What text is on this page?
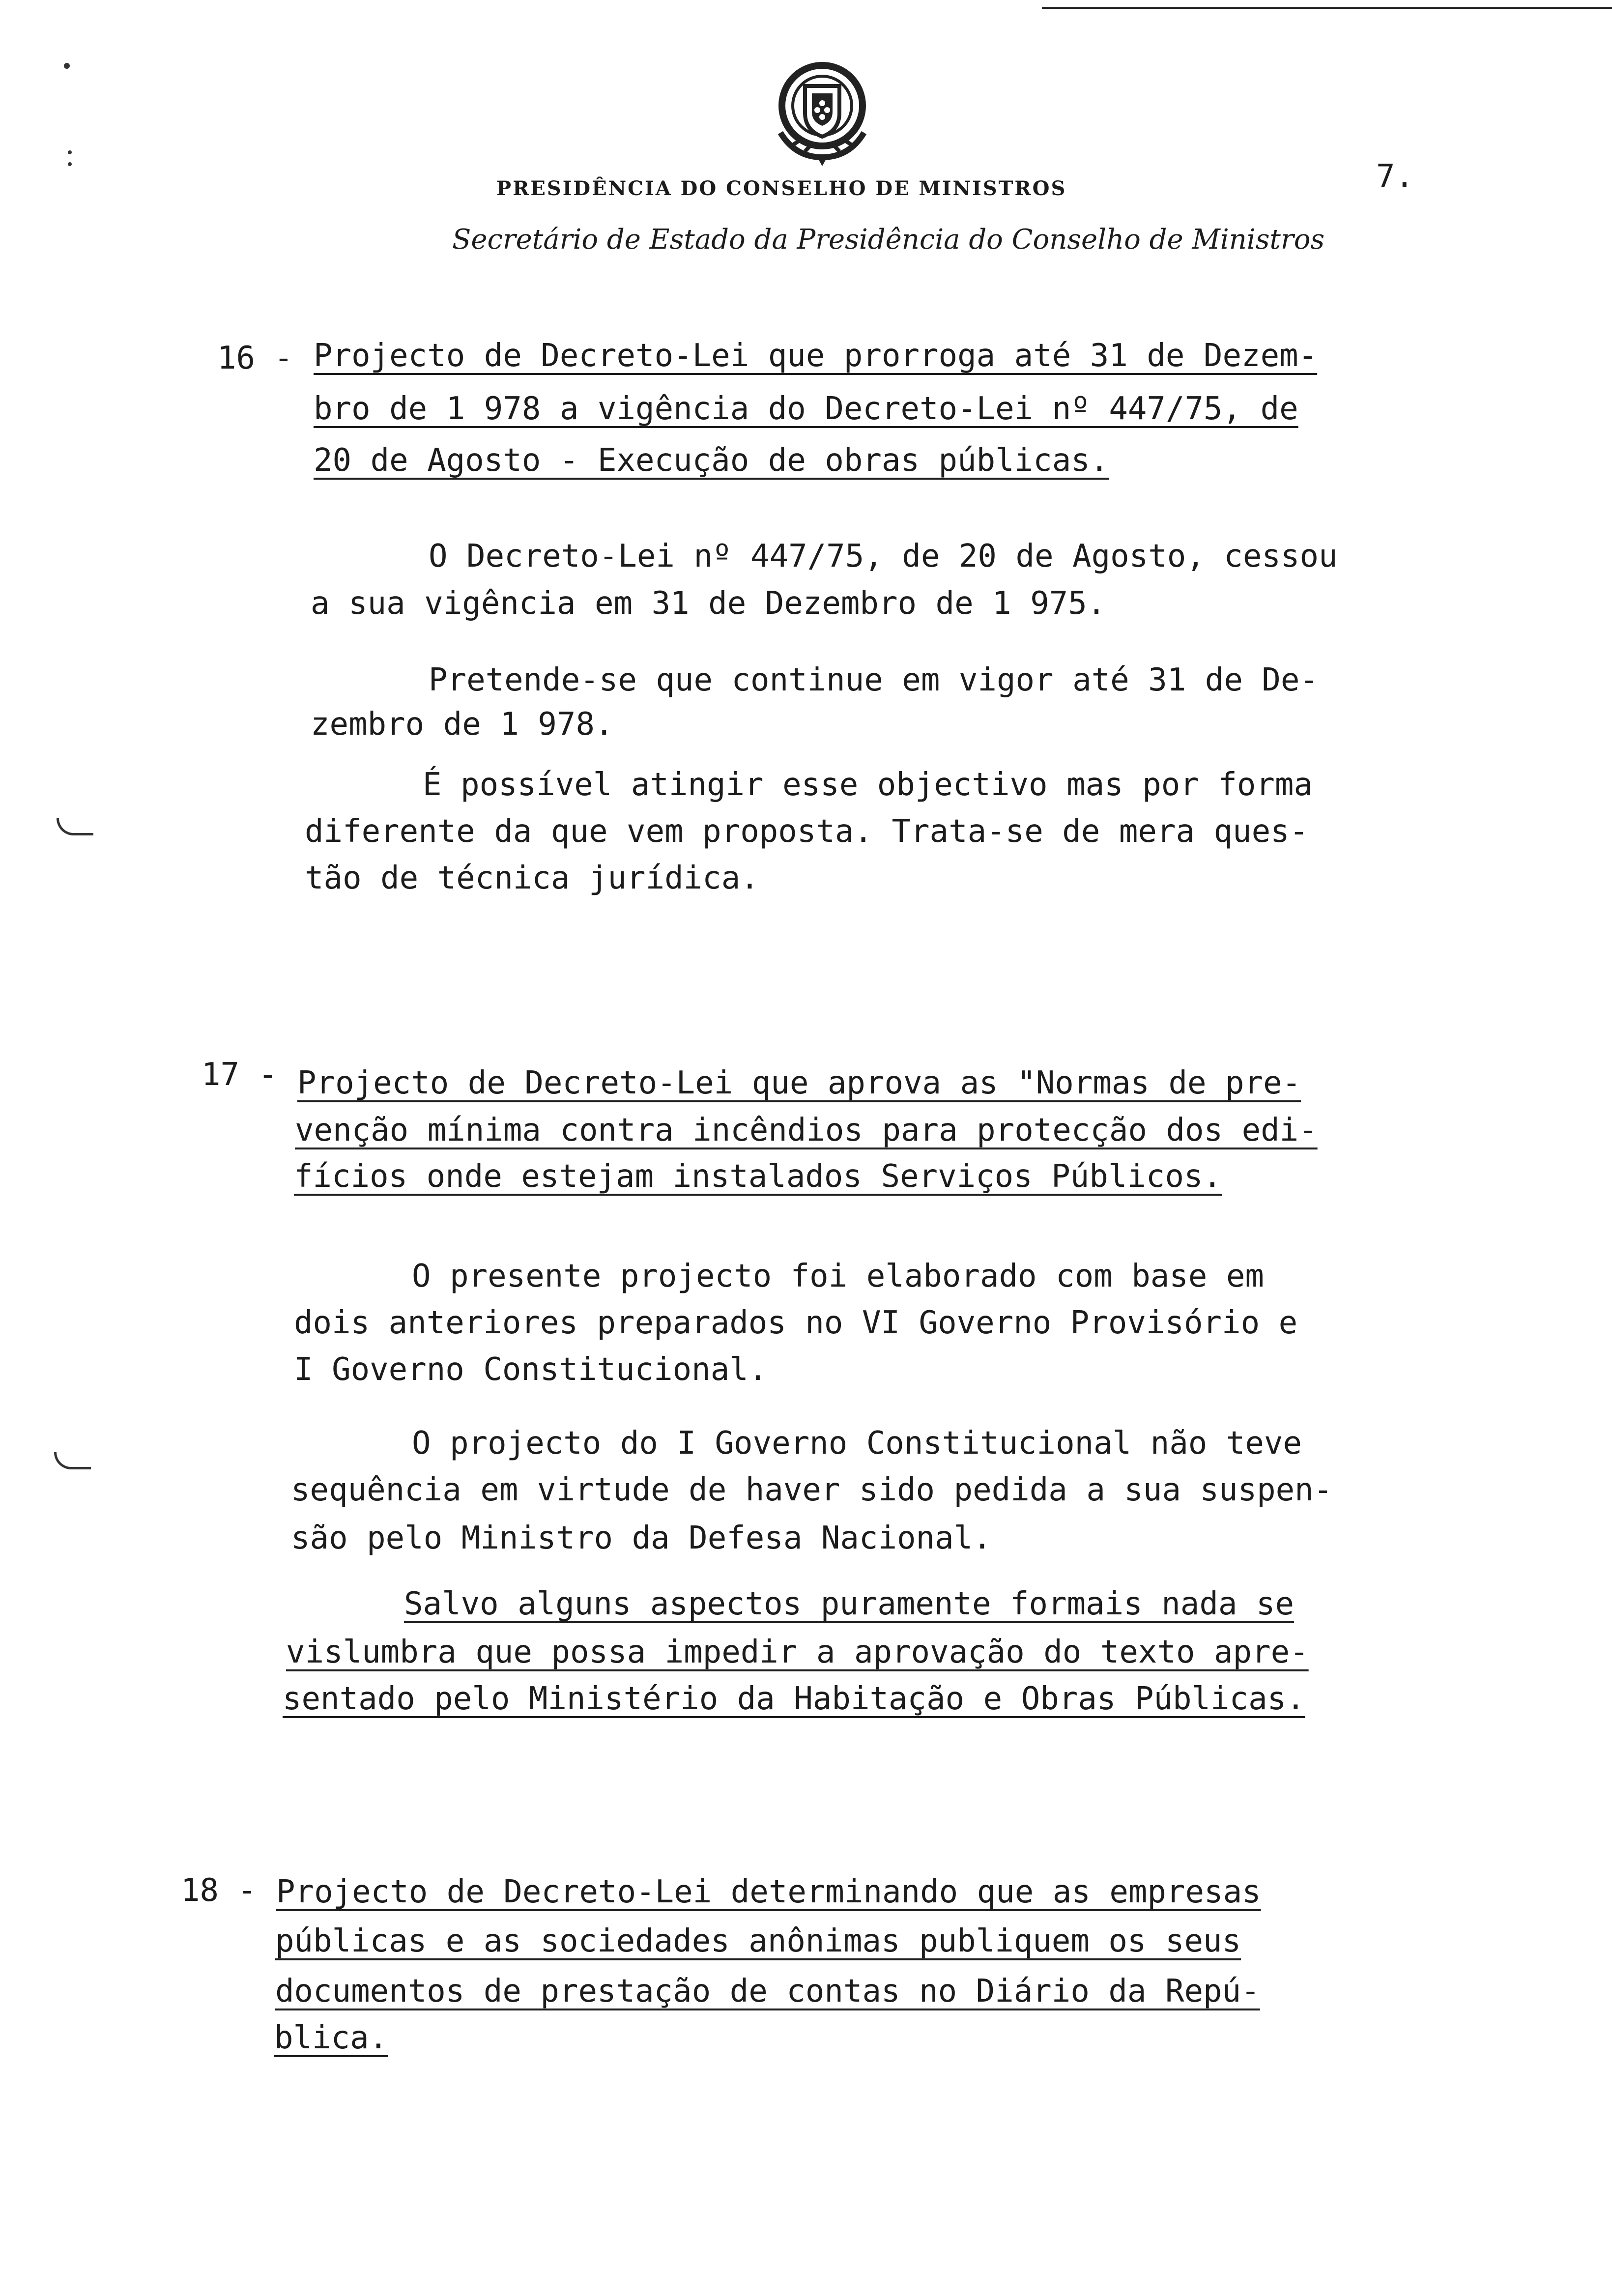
7.
PRESIDÊNCIA DO CONSELHO DE MINISTROS
Secretário de Estado da Presidência do Conselho de Ministros
16 - Projecto de Decreto-Lei que prorroga até 31 de Dezem-
bro de 1 978 a vigência do Decreto-Lei nº 447/75, de
20 de Agosto - Execução de obras públicas.
O Decreto-Lei nº 447/75, de 20 de Agosto, cessou
a sua vigência em 31 de Dezembro de 1 975.
Pretende-se que continue em vigor até 31 de De-
zembro de 1 978.
É possível atingir esse objectivo mas por forma
diferente da que vem proposta. Trata-se de mera ques-
tão de técnica jurídica.
17 - Projecto de Decreto-Lei que aprova as "Normas de pre-
venção mínima contra incêndios para protecção dos edi-
fícios onde estejam instalados Serviços Públicos.
O presente projecto foi elaborado com base em
dois anteriores preparados no VI Governo Provisório e
I Governo Constitucional.
O projecto do I Governo Constitucional não teve
sequência em virtude de haver sido pedida a sua suspen-
são pelo Ministro da Defesa Nacional.
Salvo alguns aspectos puramente formais nada se
vislumbra que possa impedir a aprovação do texto apre-
sentado pelo Ministério da Habitação e Obras Públicas.
18 - Projecto de Decreto-Lei determinando que as empresas
públicas e as sociedades anônimas publiquem os seus
documentos de prestação de contas no Diário da Repú-
blica.
